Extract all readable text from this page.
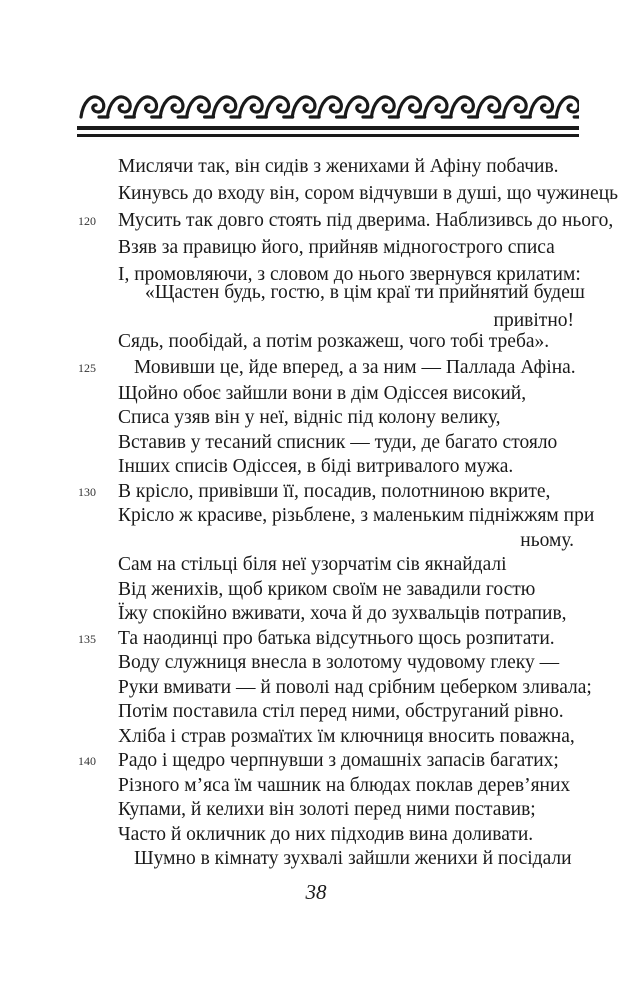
Мислячи так, він сидів з женихами й Афіну побачив.
Кинувсь до входу він, сором відчувши в душі, що чужинець
Мусить так довго стоять під дверима. Наблизивсь до нього,
Взяв за правицю його, прийняв мідногострого списа
І, промовляючи, з словом до нього звернувся крилатим:
«Щастен будь, гостю, в цім краї ти прийнятий будеш
привітно!
Сядь, пообідай, а потім розкажеш, чого тобі треба».
Мовивши це, йде вперед, а за ним — Паллада Афіна.
Щойно обоє зайшли вони в дім Одіссея високий,
Списа узяв він у неї, відніс під колону велику,
Вставив у тесаний списник — туди, де багато стояло
Інших списів Одіссея, в біді витривалого мужа.
В крісло, привівши її, посадив, полотниною вкрите,
Крісло ж красиве, різьблене, з маленьким підніжжям при
ньому.
Сам на стільці біля неї узорчатім сів якнайдалі
Від женихів, щоб криком своїм не завадили гостю
Їжу спокійно вживати, хоча й до зухвальців потрапив,
Та наодинці про батька відсутнього щось розпитати.
Воду служниця внесла в золотому чудовому глеку —
Руки вмивати — й поволі над срібним цеберком зливала;
Потім поставила стіл перед ними, обструганий рівно.
Хліба і страв розмаїтих їм ключниця вносить поважна,
Радо і щедро черпнувши з домашніх запасів багатих;
Різного м’яса їм чашник на блюдах поклав дерев’яних
Купами, й келихи він золоті перед ними поставив;
Часто й окличник до них підходив вина доливати.
Шумно в кімнату зухвалі зайшли женихи й посідали
120
125
130
135
140
38
